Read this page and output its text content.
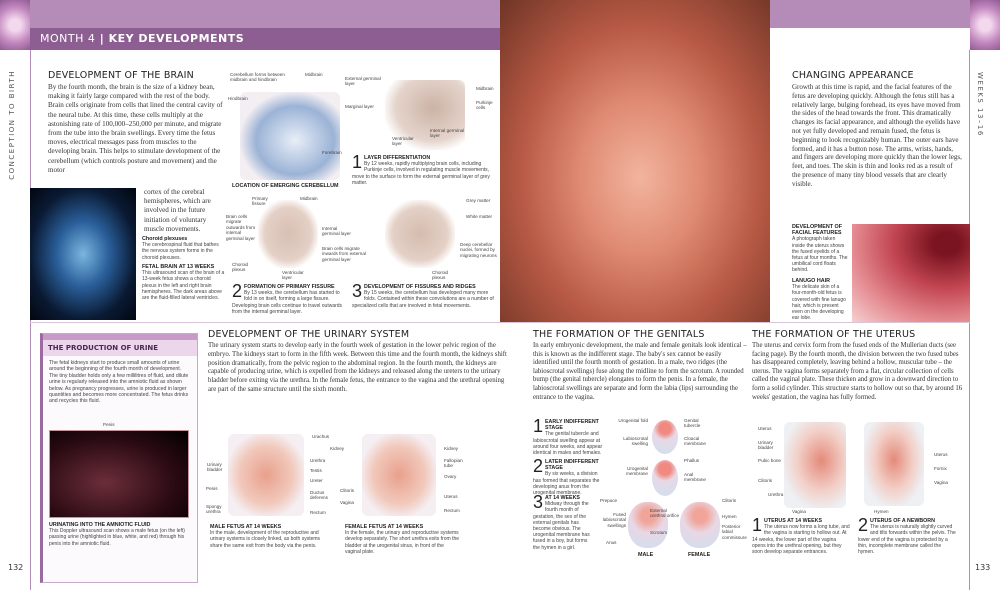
MONTH 4 | KEY DEVELOPMENTS
CONCEPTION TO BIRTH	WEEKS 13–16
132	133
DEVELOPMENT OF THE BRAIN

By the fourth month, the brain is the size of a kidney bean, making it fairly large compared with the rest of the body. Brain cells originate from cells that lined the central cavity of the neural tube. At this time, these cells multiply at the astonishing rate of 100,000–250,000 per minute, and migrate from the tube into the brain swellings. Every time the fetus moves, electrical messages pass from muscles to the developing brain. This helps to stimulate development of the cerebellum (which controls posture and movement) and the motor

cortex of the cerebral hemispheres, which are involved in the future initiation of voluntary muscle movements.

Choroid plexuses
The cerebrospinal fluid that bathes the nervous system forms in the choroid plexuses.
FETAL BRAIN AT 13 WEEKS
This ultrasound scan of the brain of a 13-week fetus shows a choroid plexus in the left and right brain hemispheres. The dark areas above are the fluid-filled lateral ventricles.
Cerebellum forms between midbrain and hindbrain
Midbrain
Hindbrain
Forebrain
LOCATION OF EMERGING CEREBELLUM
External germinal layer
Marginal layer
Midbrain
Purkinje cells
Internal germinal layer
Ventricular layer
1 LAYER DIFFERENTIATION
By 12 weeks, rapidly multiplying brain cells, including Purkinje cells, involved in regulating muscle movements, move to the surface to form the external germinal layer of grey matter.
Primary fissure
Midbrain
Brain cells migrate outwards from internal germinal layer
Internal germinal layer
Brain cells migrate inwards from external germinal layer
Choroid plexus
Ventricular layer
2 FORMATION OF PRIMARY FISSURE
By 13 weeks, the cerebellum has started to fold in on itself, forming a large fissure. Developing brain cells continue to travel outwards from the internal germinal layer.
Grey matter
White matter
Deep cerebellar nuclei, formed by migrating neurons
Choroid plexus
3 DEVELOPMENT OF FISSURES AND RIDGES
By 15 weeks, the cerebellum has developed many more folds. Contained within these convolutions are a number of specialized cells that are involved in fetal movements.
CHANGING APPEARANCE

Growth at this time is rapid, and the facial features of the fetus are developing quickly. Although the fetus still has a relatively large, bulging forehead, its eyes have moved from the sides of the head towards the front. This dramatically changes its facial appearance, and although the eyelids have not yet fully developed and remain fused, the fetus is beginning to look recognizably human. The outer ears have formed, and it has a button nose. The arms, wrists, hands, and fingers are developing more quickly than the lower legs, feet, and toes. The skin is thin and looks red as a result of the presence of many tiny blood vessels that are clearly visible.

DEVELOPMENT OF FACIAL FEATURES
A photograph taken inside the uterus shows the fused eyelids of a fetus at four months. The umbilical cord floats behind.
LANUGO HAIR
The delicate skin of a four-month-old fetus is covered with fine lanugo hair, which is present even on the developing ear lobe.
THE PRODUCTION OF URINE

The fetal kidneys start to produce small amounts of urine around the beginning of the fourth month of development. The tiny bladder holds only a few millilitres of fluid, and dilute urine is regularly released into the amniotic fluid as shown below. As pregnancy progresses, urine is produced in larger quantities and becomes more concentrated. The fetus drinks and recycles this fluid.

Penis
URINATING INTO THE AMNIOTIC FLUID
This Doppler ultrasound scan shows a male fetus (on the left) passing urine (highlighted in blue, white, and red) through his penis into the amniotic fluid.
DEVELOPMENT OF THE URINARY SYSTEM

The urinary system starts to develop early in the fourth week of gestation in the lower pelvic region of the embryo. The kidneys start to form in the fifth week. Between this time and the fourth month, the kidneys shift position dramatically, from the pelvic region to the abdominal region. In the fourth month, the kidneys are capable of producing urine, which is expelled from the kidneys and released along the ureters to the urinary bladder before exiting via the urethra. In the female fetus, the entrance to the vagina and the urethral opening are part of the same structure until the sixth month.

Urachus
Kidney
Urinary bladder
Urethra
Testis
Penis
Ureter
Spongy urethra
Ductus deferens
Rectum
Kidney
Fallopian tube
Ovary
Clitoris
Vagina
Uterus
Rectum
MALE FETUS AT 14 WEEKS
In the male, development of the reproductive and urinary systems is closely linked, as both systems share the same exit from the body via the penis.
FEMALE FETUS AT 14 WEEKS
In the female, the urinary and reproductive systems develop separately. The short urethra exits from the bladder at the urogenital sinus, in front of the vaginal plate.
THE FORMATION OF THE GENITALS

In early embryonic development, the male and female genitals look identical – this is known as the indifferent stage. The baby's sex cannot be easily identified until the fourth month of gestation. In a male, two ridges (the labioscrotal swellings) fuse along the midline to form the scrotum. A rounded bump (the genital tubercle) elongates to form the penis. In a female, the labioscrotal swellings are separate and form the labia (lips) surrounding the entrance to the vagina.

1 EARLY INDIFFERENT STAGE
The genital tubercle and labioscrotal swelling appear at around four weeks, and appear identical in males and females.
2 LATER INDIFFERENT STAGE
By six weeks, a division has formed that separates the developing anus from the urogenital membrane.
3 AT 14 WEEKS
Midway through the fourth month of gestation, the sex of the external genitals has become obvious. The urogenital membrane has fused in a boy, but forms the hymen in a girl.
Urogenital fold	Genital tubercle
Labioscrotal swelling
Cloacal membrane
Phallus
Urogenital membrane	Anal membrane
Prepuce
Fused labioscrotal swellings
Anus
Scrotum
External urethral orifice
Clitoris
Hymen
Posterior labial commissure
MALE	FEMALE
THE FORMATION OF THE UTERUS

The uterus and cervix form from the fused ends of the Mullerian ducts (see facing page). By the fourth month, the division between the two fused tubes has disappeared completely, leaving behind a hollow, muscular tube – the uterus. The vagina forms separately from a flat, circular collection of cells called the vaginal plate. These thicken and grow in a downward direction to form a solid cylinder. This structure starts to hollow out so that, by around 16 weeks' gestation, the vagina has fully formed.

Uterus
Urinary bladder
Pubic bone
Clitoris
Urethra
Vagina
Uterus
Fornix
Vagina
Hymen
1 UTERUS AT 14 WEEKS
The uterus now forms a long tube, and the vagina is starting to hollow out. At 14 weeks, the lower part of the vagina opens into the urethral opening, but they soon develop separate entrances.
2 UTERUS OF A NEWBORN
The uterus is naturally slightly curved and tilts forwards within the pelvis. The lower end of the vagina is protected by a thin, incomplete membrane called the hymen.
